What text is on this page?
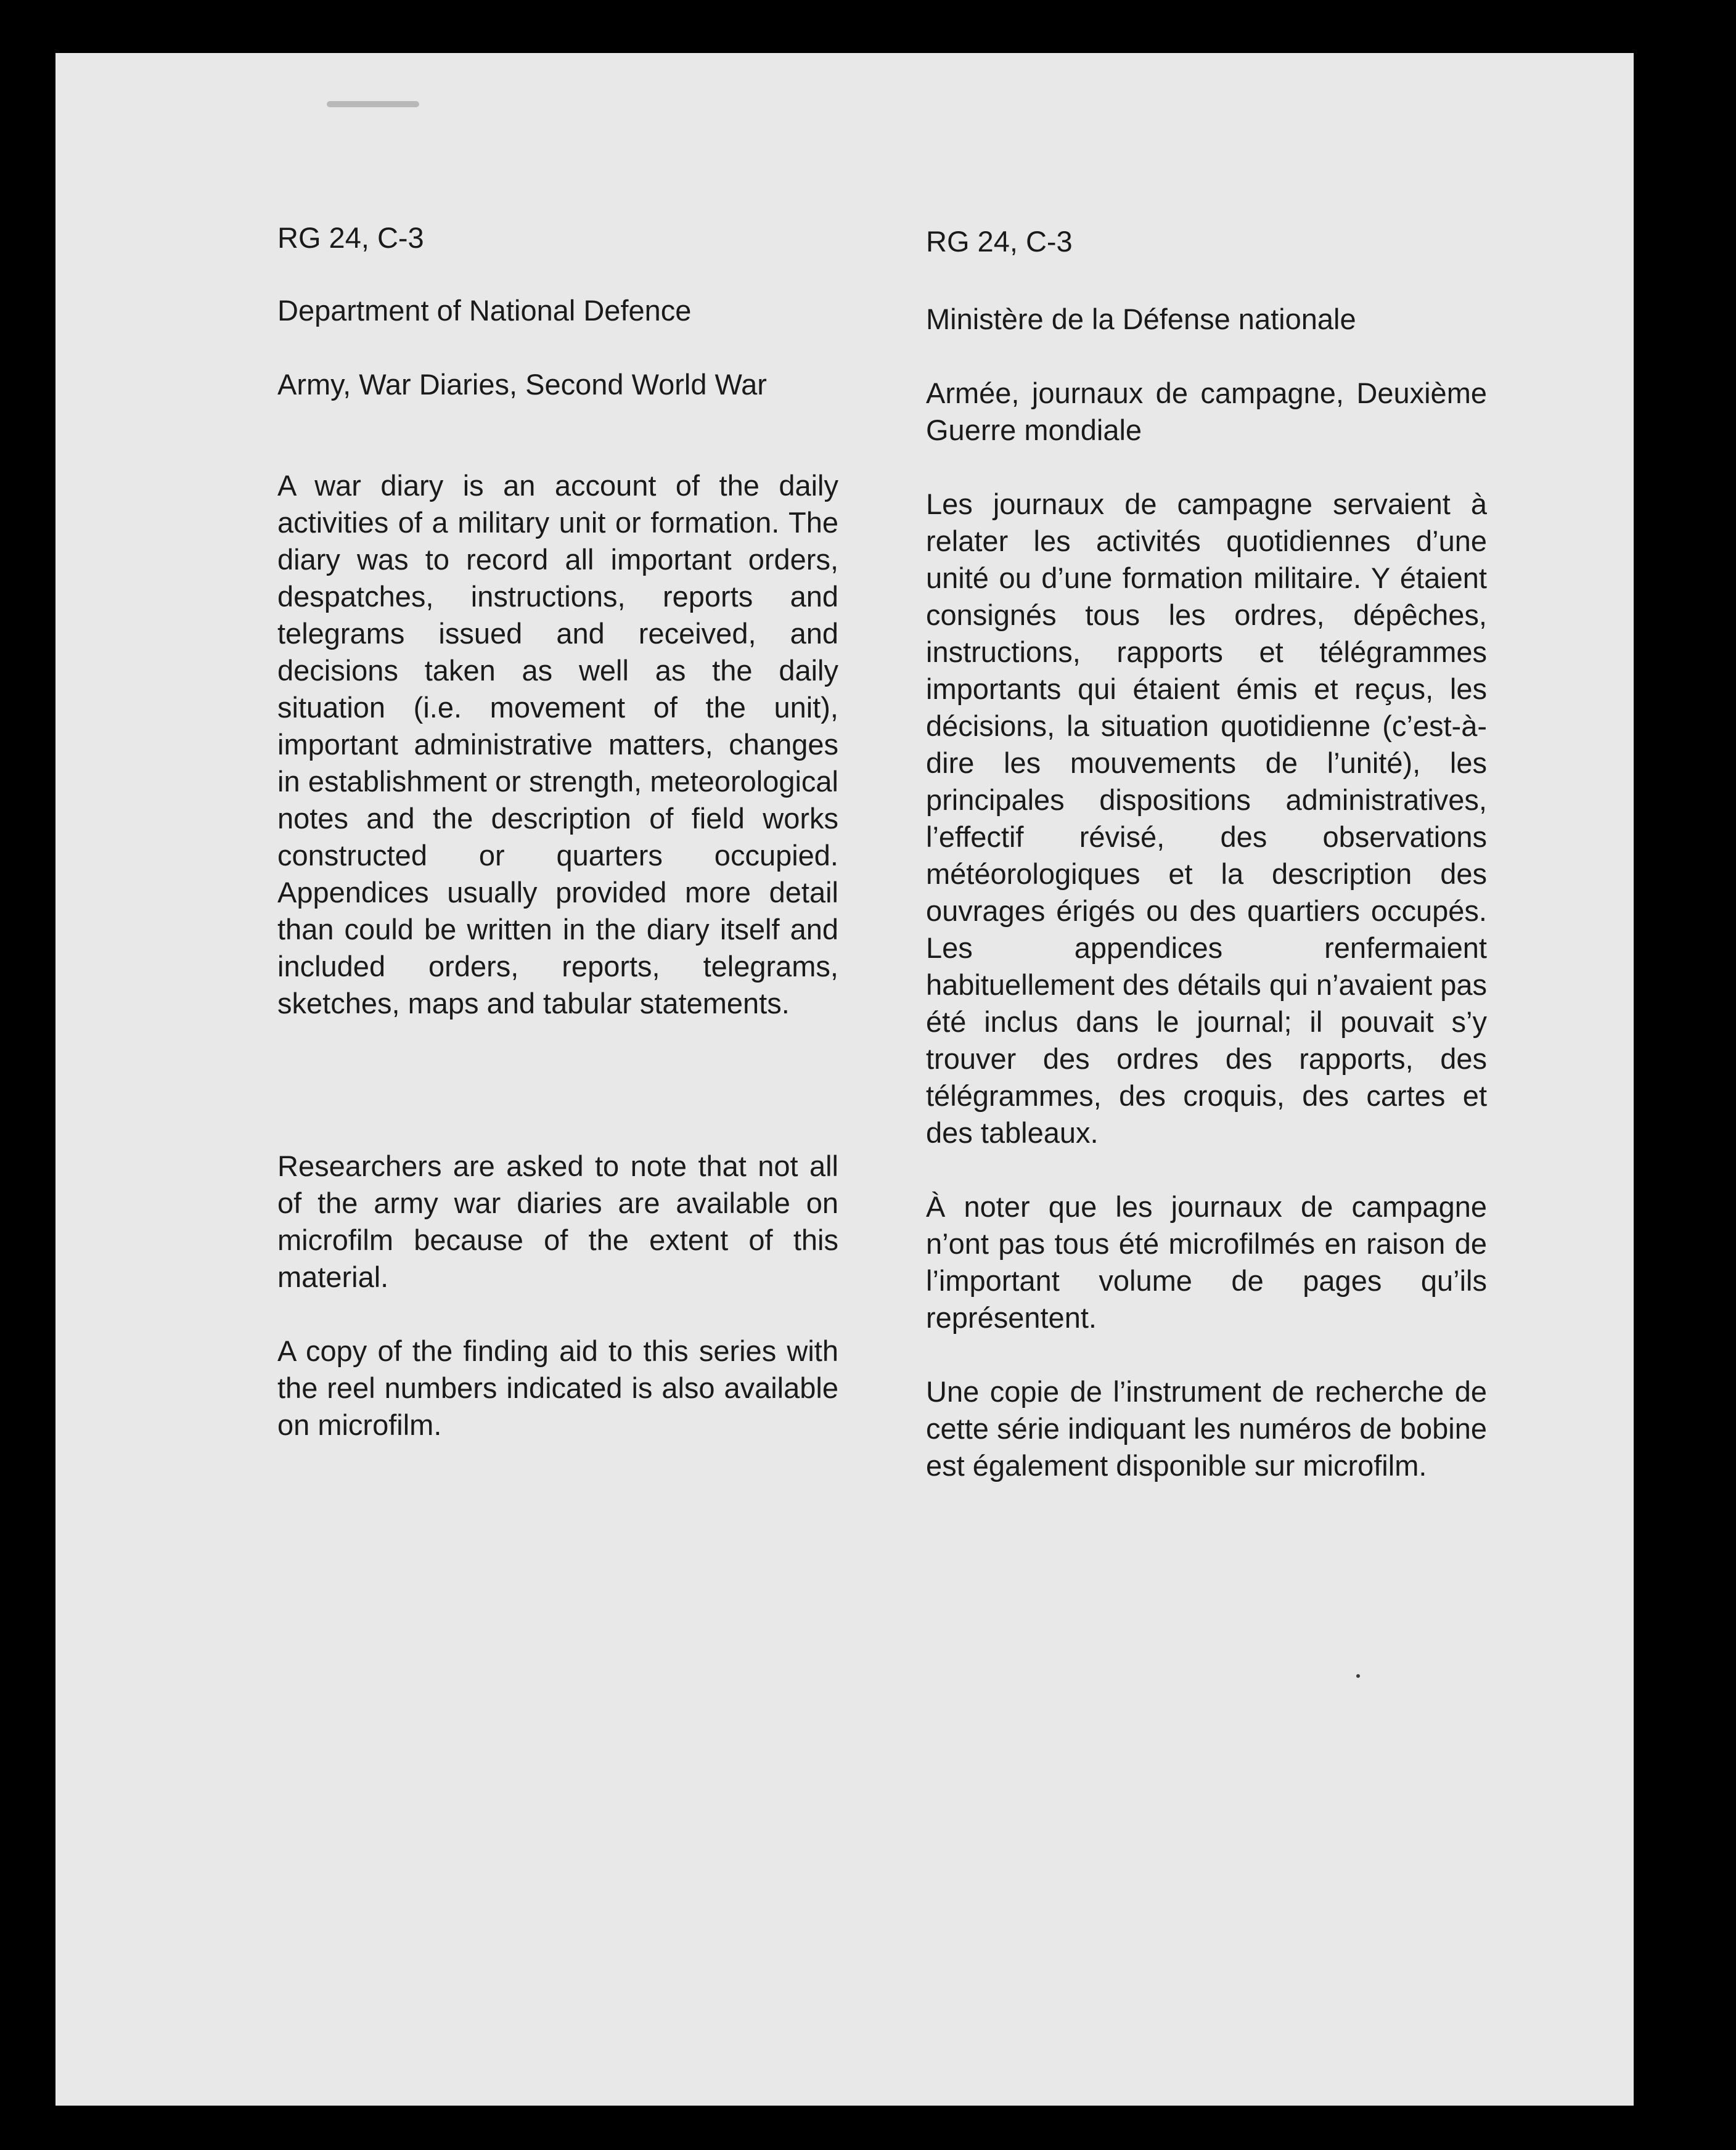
RG 24, C-3

Department of National Defence

Army, War Diaries, Second World War

A war diary is an account of the daily activities of a military unit or formation. The diary was to record all important orders, despatches, instructions, reports and telegrams issued and received, and decisions taken as well as the daily situation (i.e. movement of the unit), important administrative matters, changes in establishment or strength, meteorological notes and the description of field works constructed or quarters occupied. Appendices usually provided more detail than could be written in the diary itself and included orders, reports, telegrams, sketches, maps and tabular statements.

Researchers are asked to note that not all of the army war diaries are available on microfilm because of the extent of this material.

A copy of the finding aid to this series with the reel numbers indicated is also available on microfilm.

RG 24, C-3

Ministère de la Défense nationale

Armée, journaux de campagne, Deuxième Guerre mondiale

Les journaux de campagne servaient à relater les activités quotidiennes d’une unité ou d’une formation militaire. Y étaient consignés tous les ordres, dépêches, instructions, rapports et télégrammes importants qui étaient émis et reçus, les décisions, la situation quotidienne (c’est-à-dire les mouvements de l’unité), les principales dispositions administratives, l’effectif révisé, des observations météorologiques et la description des ouvrages érigés ou des quartiers occupés. Les appendices renfermaient habituellement des détails qui n’avaient pas été inclus dans le journal; il pouvait s’y trouver des ordres des rapports, des télégrammes, des croquis, des cartes et des tableaux.

À noter que les journaux de campagne n’ont pas tous été microfilmés en raison de l’important volume de pages qu’ils représentent.

Une copie de l’instrument de recherche de cette série indiquant les numéros de bobine est également disponible sur microfilm.
